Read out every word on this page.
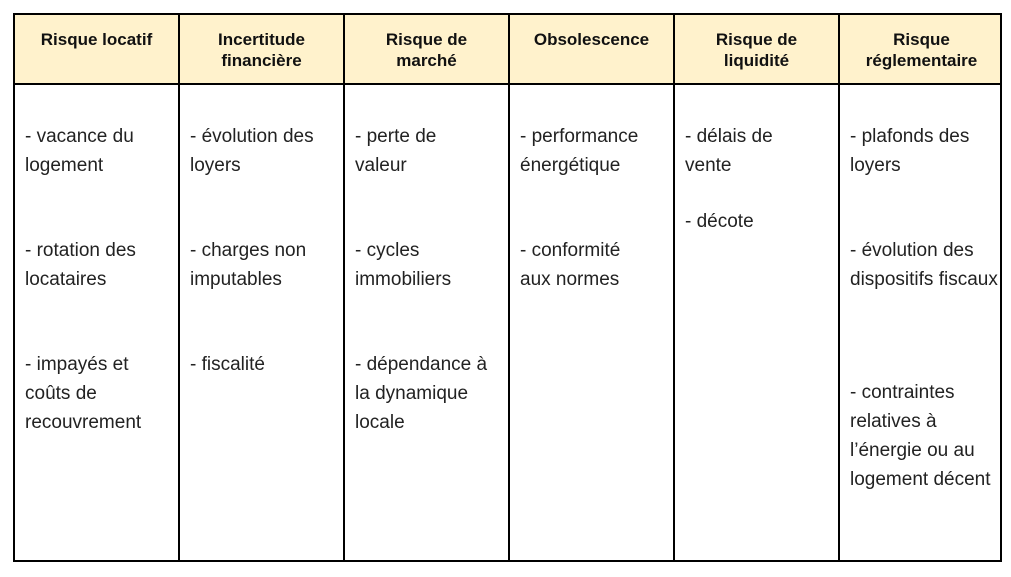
Risque locatif	Incertitude financière
Risque de marché
Obsolescence	Risque de liquidité
Risque réglementaire
- vacance du logement
- rotation des locataires
- impayés et coûts de recouvrement
- évolution des loyers
- charges non imputables
- fiscalité
- perte de valeur
- cycles immobiliers
- dépendance à la dynamique locale
- performance énergétique
- conformité aux normes
- délais de vente
- décote
- plafonds des loyers
- évolution des dispositifs fiscaux
- contraintes relatives à l’énergie ou au logement décent
